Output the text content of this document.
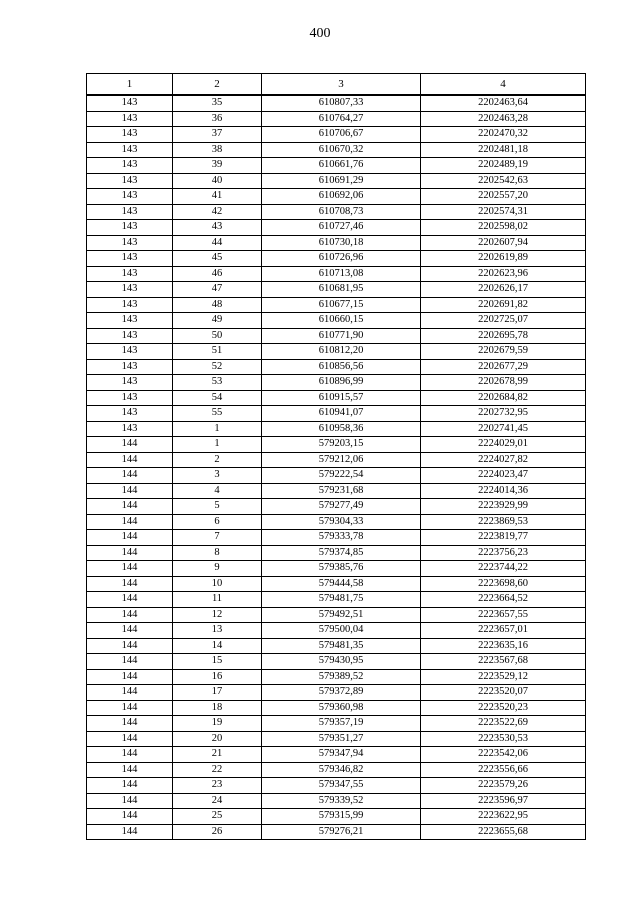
400
1	2	3	4
143	35	610807,33	2202463,64
143	36	610764,27	2202463,28
143	37	610706,67	2202470,32
143	38	610670,32	2202481,18
143	39	610661,76	2202489,19
143	40	610691,29	2202542,63
143	41	610692,06	2202557,20
143	42	610708,73	2202574,31
143	43	610727,46	2202598,02
143	44	610730,18	2202607,94
143	45	610726,96	2202619,89
143	46	610713,08	2202623,96
143	47	610681,95	2202626,17
143	48	610677,15	2202691,82
143	49	610660,15	2202725,07
143	50	610771,90	2202695,78
143	51	610812,20	2202679,59
143	52	610856,56	2202677,29
143	53	610896,99	2202678,99
143	54	610915,57	2202684,82
143	55	610941,07	2202732,95
143	1	610958,36	2202741,45
144	1	579203,15	2224029,01
144	2	579212,06	2224027,82
144	3	579222,54	2224023,47
144	4	579231,68	2224014,36
144	5	579277,49	2223929,99
144	6	579304,33	2223869,53
144	7	579333,78	2223819,77
144	8	579374,85	2223756,23
144	9	579385,76	2223744,22
144	10	579444,58	2223698,60
144	11	579481,75	2223664,52
144	12	579492,51	2223657,55
144	13	579500,04	2223657,01
144	14	579481,35	2223635,16
144	15	579430,95	2223567,68
144	16	579389,52	2223529,12
144	17	579372,89	2223520,07
144	18	579360,98	2223520,23
144	19	579357,19	2223522,69
144	20	579351,27	2223530,53
144	21	579347,94	2223542,06
144	22	579346,82	2223556,66
144	23	579347,55	2223579,26
144	24	579339,52	2223596,97
144	25	579315,99	2223622,95
144	26	579276,21	2223655,68
